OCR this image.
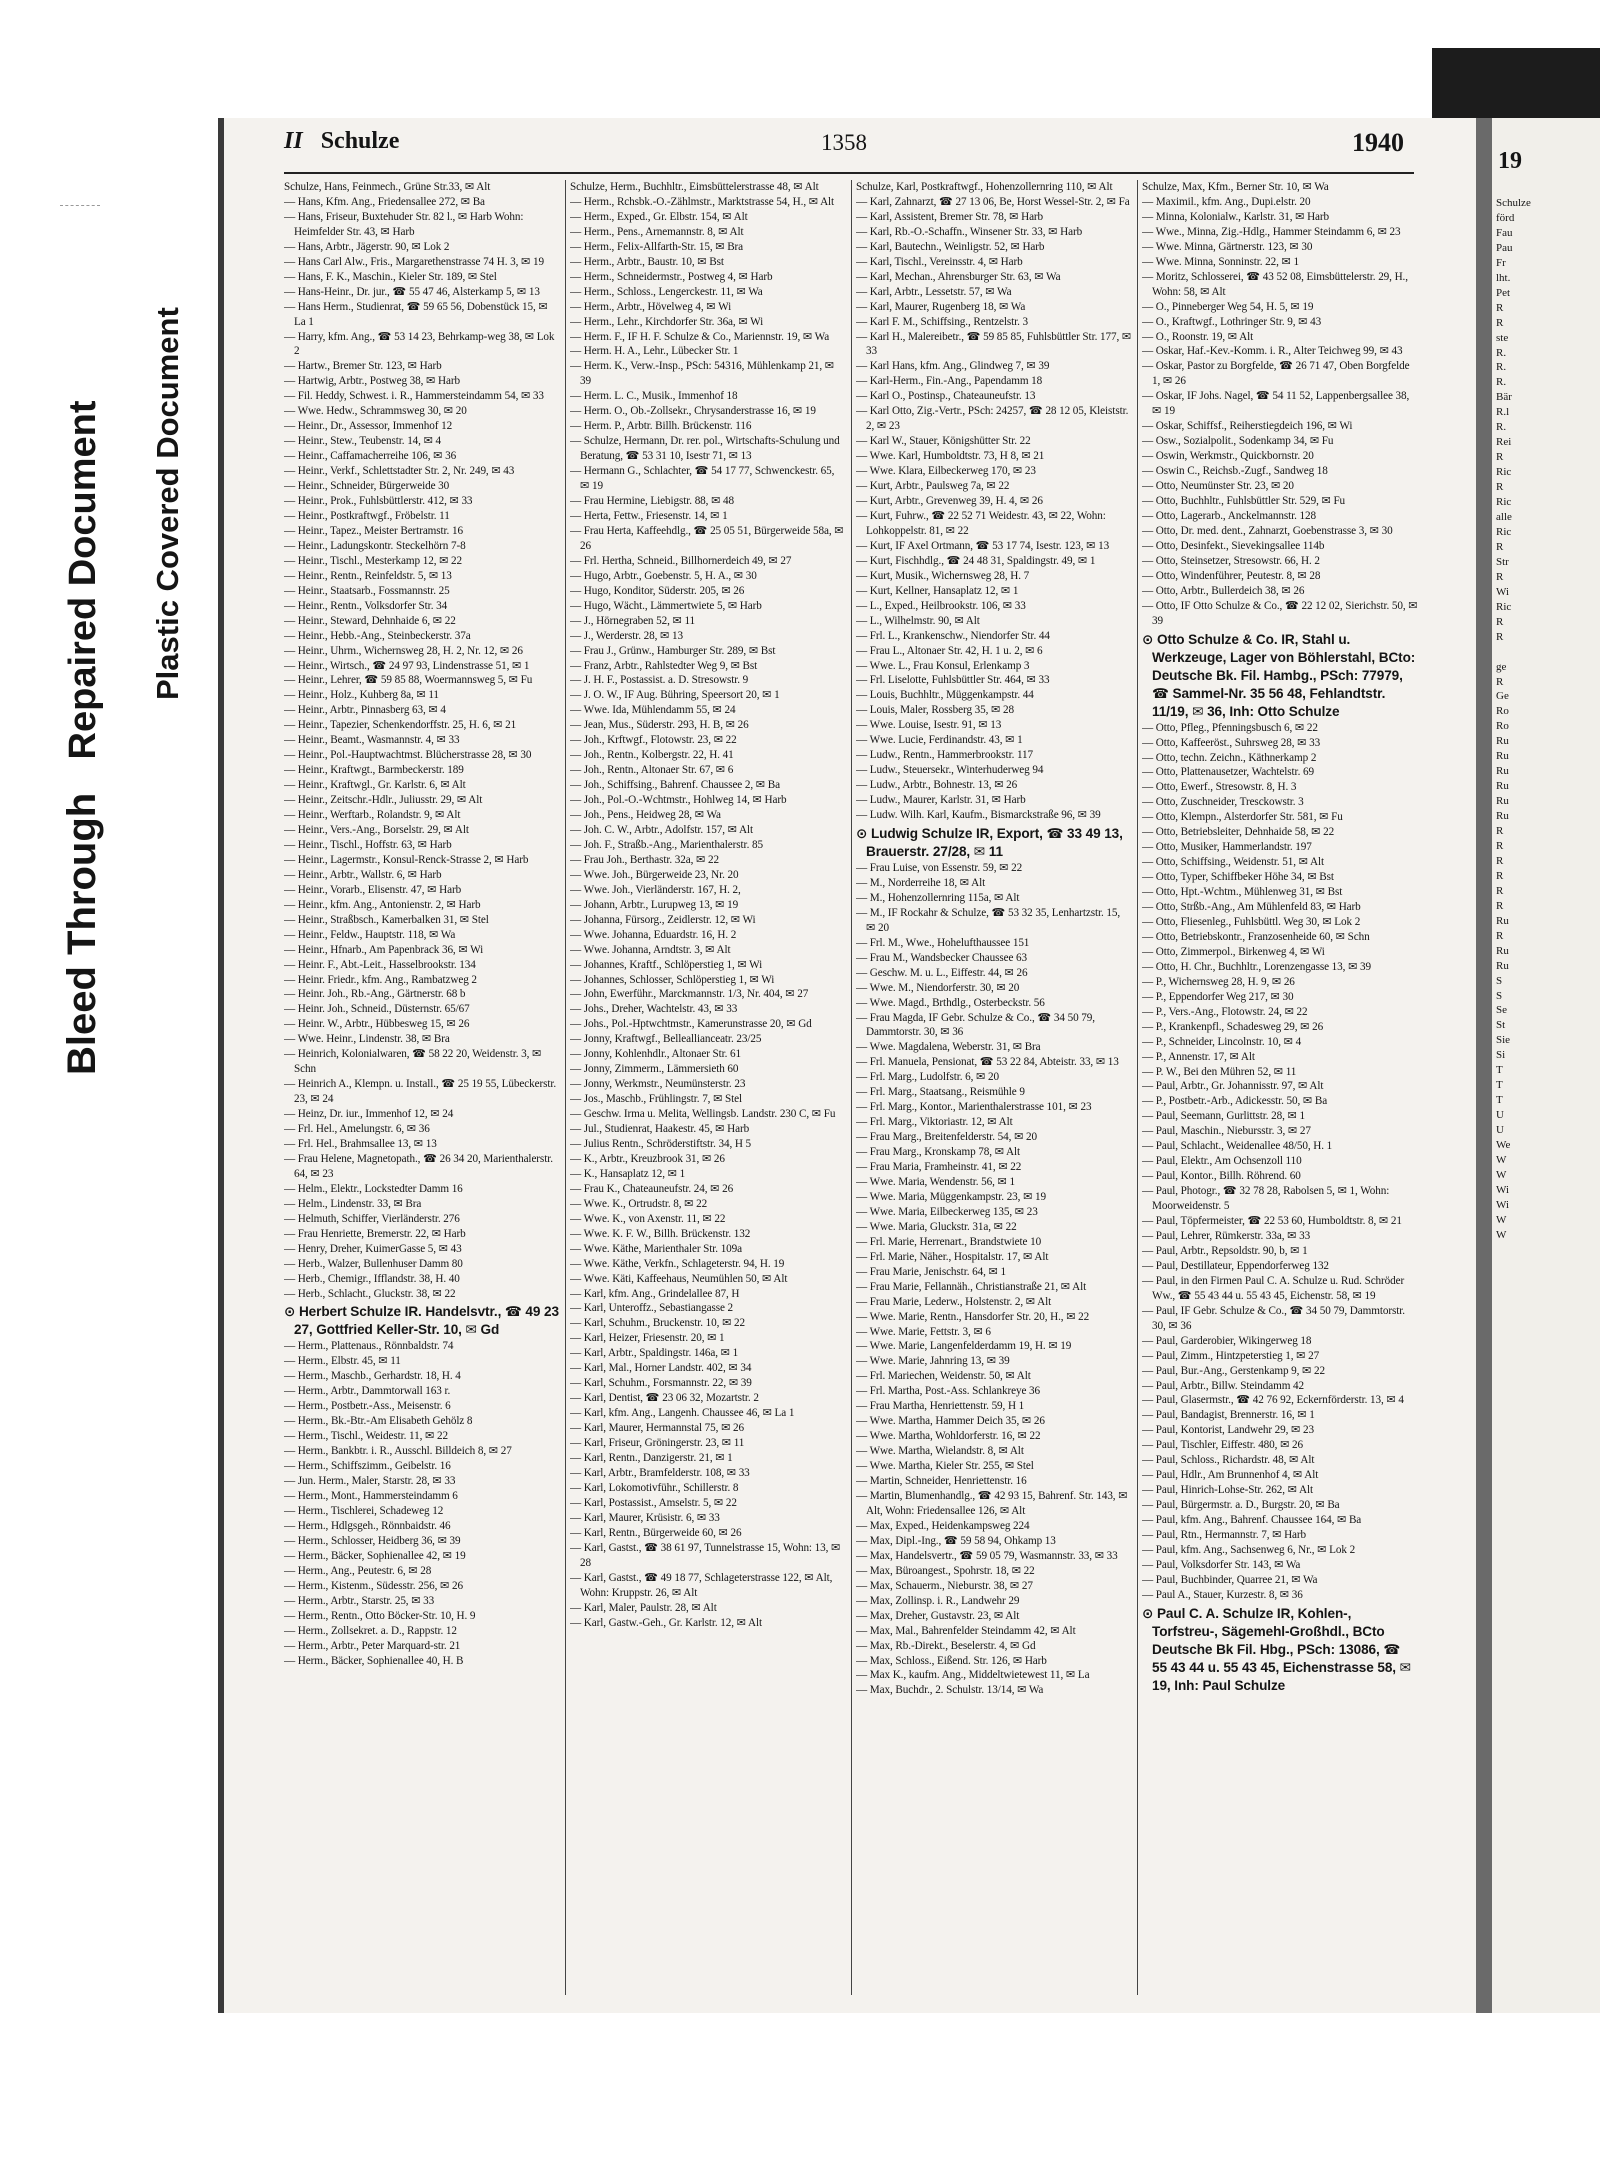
Bleed Through   Repaired Document Plastic Covered Document
II Schulze	1358	1940

Schulze, Hans, Feinmech., Grüne Str.33, ✉ Alt

— Hans, Kfm. Ang., Friedensallee 272, ✉ Ba

— Hans, Friseur, Buxtehuder Str. 82 l., ✉ Harb Wohn: Heimfelder Str. 43, ✉ Harb

— Hans, Arbtr., Jägerstr. 90, ✉ Lok 2

— Hans Carl Alw., Fris., Margarethenstrasse 74 H. 3, ✉ 19

— Hans, F. K., Maschin., Kieler Str. 189, ✉ Stel

— Hans-Heinr., Dr. jur., ☎ 55 47 46, Alsterkamp 5, ✉ 13

— Hans Herm., Studienrat, ☎ 59 65 56, Dobenstück 15, ✉ La 1

— Harry, kfm. Ang., ☎ 53 14 23, Behrkamp-weg 38, ✉ Lok 2

— Hartw., Bremer Str. 123, ✉ Harb

— Hartwig, Arbtr., Postweg 38, ✉ Harb

— Fil. Heddy, Schwest. i. R., Hammersteindamm 54, ✉ 33

— Wwe. Hedw., Schrammsweg 30, ✉ 20

— Heinr., Dr., Assessor, Immenhof 12

— Heinr., Stew., Teubenstr. 14, ✉ 4

— Heinr., Caffamacherreihe 106, ✉ 36

— Heinr., Verkf., Schlettstadter Str. 2, Nr. 249, ✉ 43

— Heinr., Schneider, Bürgerweide 30

— Heinr., Prok., Fuhlsbüttlerstr. 412, ✉ 33

— Heinr., Postkraftwgf., Fröbelstr. 11

— Heinr., Tapez., Meister Bertramstr. 16

— Heinr., Ladungskontr. Steckelhörn 7-8

— Heinr., Tischl., Mesterkamp 12, ✉ 22

— Heinr., Rentn., Reinfeldstr. 5, ✉ 13

— Heinr., Staatsarb., Fossmannstr. 25

— Heinr., Rentn., Volksdorfer Str. 34

— Heinr., Steward, Dehnhaide 6, ✉ 22

— Heinr., Hebb.-Ang., Steinbeckerstr. 37a

— Heinr., Uhrm., Wichernsweg 28, H. 2, Nr. 12, ✉ 26

— Heinr., Wirtsch., ☎ 24 97 93, Lindenstrasse 51, ✉ 1

— Heinr., Lehrer, ☎ 59 85 88, Woermannsweg 5, ✉ Fu

— Heinr., Holz., Kuhberg 8a, ✉ 11

— Heinr., Arbtr., Pinnasberg 63, ✉ 4

— Heinr., Tapezier, Schenkendorffstr. 25, H. 6, ✉ 21

— Heinr., Beamt., Wasmannstr. 4, ✉ 33

— Heinr., Pol.-Hauptwachtmst. Blücherstrasse 28, ✉ 30

— Heinr., Kraftwgt., Barmbeckerstr. 189

— Heinr., Kraftwgl., Gr. Karlstr. 6, ✉ Alt

— Heinr., Zeitschr.-Hdlr., Juliusstr. 29, ✉ Alt

— Heinr., Werftarb., Rolandstr. 9, ✉ Alt

— Heinr., Vers.-Ang., Borselstr. 29, ✉ Alt

— Heinr., Tischl., Hoffstr. 63, ✉ Harb

— Heinr., Lagermstr., Konsul-Renck-Strasse 2, ✉ Harb

— Heinr., Arbtr., Wallstr. 6, ✉ Harb

— Heinr., Vorarb., Elisenstr. 47, ✉ Harb

— Heinr., kfm. Ang., Antonienstr. 2, ✉ Harb

— Heinr., Straßbsch., Kamerbalken 31, ✉ Stel

— Heinr., Feldw., Hauptstr. 118, ✉ Wa

— Heinr., Hfnarb., Am Papenbrack 36, ✉ Wi

— Heinr. F., Abt.-Leit., Hasselbrookstr. 134

— Heinr. Friedr., kfm. Ang., Rambatzweg 2

— Heinr. Joh., Rb.-Ang., Gärtnerstr. 68 b

— Heinr. Joh., Schneid., Düsternstr. 65/67

— Heinr. W., Arbtr., Hübbesweg 15, ✉ 26

— Wwe. Heinr., Lindenstr. 38, ✉ Bra

— Heinrich, Kolonialwaren, ☎ 58 22 20, Weidenstr. 3, ✉ Schn

— Heinrich A., Klempn. u. Install., ☎ 25 19 55, Lübeckerstr. 23, ✉ 24

— Heinz, Dr. iur., Immenhof 12, ✉ 24

— Frl. Hel., Amelungstr. 6, ✉ 36

— Frl. Hel., Brahmsallee 13, ✉ 13

— Frau Helene, Magnetopath., ☎ 26 34 20, Marienthalerstr. 64, ✉ 23

— Helm., Elektr., Lockstedter Damm 16

— Helm., Lindenstr. 33, ✉ Bra

— Helmuth, Schiffer, Vierländerstr. 276

— Frau Henriette, Bremerstr. 22, ✉ Harb

— Henry, Dreher, KuimerGasse 5, ✉ 43

— Herb., Walzer, Bullenhuser Damm 80

— Herb., Chemigr., Ifflandstr. 38, H. 40

— Herb., Schlacht., Gluckstr. 38, ✉ 22

⊙ Herbert Schulze IR. Handelsvtr., ☎ 49 23 27, Gottfried Keller-Str. 10, ✉ Gd

— Herm., Plattenaus., Rönnbaldstr. 74

— Herm., Elbstr. 45, ✉ 11

— Herm., Maschb., Gerhardstr. 18, H. 4

— Herm., Arbtr., Dammtorwall 163 r.

— Herm., Postbetr.-Ass., Meisenstr. 6

— Herm., Bk.-Btr.-Am Elisabeth Gehölz 8

— Herm., Tischl., Weidestr. 11, ✉ 22

— Herm., Bankbtr. i. R., Ausschl. Billdeich 8, ✉ 27

— Herm., Schiffszimm., Geibelstr. 16

— Jun. Herm., Maler, Starstr. 28, ✉ 33

— Herm., Mont., Hammersteindamm 6

— Herm., Tischlerei, Schadeweg 12

— Herm., Hdlgsgeh., Rönnbaidstr. 46

— Herm., Schlosser, Heidberg 36, ✉ 39

— Herm., Bäcker, Sophienallee 42, ✉ 19

— Herm., Ang., Peutestr. 6, ✉ 28

— Herm., Kistenm., Südesstr. 256, ✉ 26

— Herm., Arbtr., Starstr. 25, ✉ 33

— Herm., Rentn., Otto Böcker-Str. 10, H. 9

— Herm., Zollsekret. a. D., Rappstr. 12

— Herm., Arbtr., Peter Marquard-str. 21

— Herm., Bäcker, Sophienallee 40, H. B

Schulze, Herm., Buchhltr., Eimsbüttelerstrasse 48, ✉ Alt

— Herm., Rchsbk.-O.-Zählmstr., Marktstrasse 54, H., ✉ Alt

— Herm., Exped., Gr. Elbstr. 154, ✉ Alt

— Herm., Pens., Arnemannstr. 8, ✉ Alt

— Herm., Felix-Allfarth-Str. 15, ✉ Bra

— Herm., Arbtr., Baustr. 10, ✉ Bst

— Herm., Schneidermstr., Postweg 4, ✉ Harb

— Herm., Schloss., Lengerckestr. 11, ✉ Wa

— Herm., Arbtr., Hövelweg 4, ✉ Wi

— Herm., Lehr., Kirchdorfer Str. 36a, ✉ Wi

— Herm. F., IF H. F. Schulze & Co., Mariennstr. 19, ✉ Wa

— Herm. H. A., Lehr., Lübecker Str. 1

— Herm. K., Verw.-Insp., PSch: 54316, Mühlenkamp 21, ✉ 39

— Herm. L. C., Musik., Immenhof 18

— Herm. O., Ob.-Zollsekr., Chrysanderstrasse 16, ✉ 19

— Herm. P., Arbtr. Billh. Brückenstr. 116

— Schulze, Hermann, Dr. rer. pol., Wirtschafts-Schulung und Beratung, ☎ 53 31 10, Isestr 71, ✉ 13

— Hermann G., Schlachter, ☎ 54 17 77, Schwenckestr. 65, ✉ 19

— Frau Hermine, Liebigstr. 88, ✉ 48

— Herta, Fettw., Friesenstr. 14, ✉ 1

— Frau Herta, Kaffeehdlg., ☎ 25 05 51, Bürgerweide 58a, ✉ 26

— Frl. Hertha, Schneid., Billhornerdeich 49, ✉ 27

— Hugo, Arbtr., Goebenstr. 5, H. A., ✉ 30

— Hugo, Konditor, Süderstr. 205, ✉ 26

— Hugo, Wächt., Lämmertwiete 5, ✉ Harb

— J., Hörnegraben 52, ✉ 11

— J., Werderstr. 28, ✉ 13

— Frau J., Grünw., Hamburger Str. 289, ✉ Bst

— Franz, Arbtr., Rahlstedter Weg 9, ✉ Bst

— J. H. F., Postassist. a. D. Stresowstr. 9

— J. O. W., IF Aug. Bühring, Speersort 20, ✉ 1

— Wwe. Ida, Mühlendamm 55, ✉ 24

— Jean, Mus., Süderstr. 293, H. B, ✉ 26

— Joh., Krftwgf., Flotowstr. 23, ✉ 22

— Joh., Rentn., Kolbergstr. 22, H. 41

— Joh., Rentn., Altonaer Str. 67, ✉ 6

— Joh., Schiffsing., Bahrenf. Chaussee 2, ✉ Ba

— Joh., Pol.-O.-Wchtmstr., Hohlweg 14, ✉ Harb

— Joh., Pens., Heidweg 28, ✉ Wa

— Joh. C. W., Arbtr., Adolfstr. 157, ✉ Alt

— Joh. F., Straßb.-Ang., Marienthalerstr. 85

— Frau Joh., Berthastr. 32a, ✉ 22

— Wwe. Joh., Bürgerweide 23, Nr. 20

— Wwe. Joh., Vierländerstr. 167, H. 2,

— Johann, Arbtr., Lurupweg 13, ✉ 19

— Johanna, Fürsorg., Zeidlerstr. 12, ✉ Wi

— Wwe. Johanna, Eduardstr. 16, H. 2

— Wwe. Johanna, Arndtstr. 3, ✉ Alt

— Johannes, Kraftf., Schlöperstieg 1, ✉ Wi

— Johannes, Schlosser, Schlöperstieg 1, ✉ Wi

— John, Ewerführ., Marckmannstr. 1/3, Nr. 404, ✉ 27

— Johs., Dreher, Wachtelstr. 43, ✉ 33

— Johs., Pol.-Hptwchtmstr., Kamerunstrasse 20, ✉ Gd

— Jonny, Kraftwgf., Belleallianceatr. 23/25

— Jonny, Kohlenhdlr., Altonaer Str. 61

— Jonny, Zimmerm., Lämmersieth 60

— Jonny, Werkmstr., Neumünsterstr. 23

— Jos., Maschb., Frühlingstr. 7, ✉ Stel

— Geschw. Irma u. Melita, Wellingsb. Landstr. 230 C, ✉ Fu

— Jul., Studienrat, Haakestr. 45, ✉ Harb

— Julius Rentn., Schröderstiftstr. 34, H 5

— K., Arbtr., Kreuzbrook 31, ✉ 26

— K., Hansaplatz 12, ✉ 1

— Frau K., Chateauneufstr. 24, ✉ 26

— Wwe. K., Ortrudstr. 8, ✉ 22

— Wwe. K., von Axenstr. 11, ✉ 22

— Wwe. K. F. W., Billh. Brückenstr. 132

— Wwe. Käthe, Marienthaler Str. 109a

— Wwe. Käthe, Verkfn., Schlageterstr. 94, H. 19

— Wwe. Käti, Kaffeehaus, Neumühlen 50, ✉ Alt

— Karl, kfm. Ang., Grindelallee 87, H

— Karl, Unteroffz., Sebastiangasse 2

— Karl, Schuhm., Bruckenstr. 10, ✉ 22

— Karl, Heizer, Friesenstr. 20, ✉ 1

— Karl, Arbtr., Spaldingstr. 146a, ✉ 1

— Karl, Mal., Horner Landstr. 402, ✉ 34

— Karl, Schuhm., Forsmannstr. 22, ✉ 39

— Karl, Dentist, ☎ 23 06 32, Mozartstr. 2

— Karl, kfm. Ang., Langenh. Chaussee 46, ✉ La 1

— Karl, Maurer, Hermannstal 75, ✉ 26

— Karl, Friseur, Gröningerstr. 23, ✉ 11

— Karl, Rentn., Danzigerstr. 21, ✉ 1

— Karl, Arbtr., Bramfelderstr. 108, ✉ 33

— Karl, Lokomotivführ., Schillerstr. 8

— Karl, Postassist., Amselstr. 5, ✉ 22

— Karl, Maurer, Krüsistr. 6, ✉ 33

— Karl, Rentn., Bürgerweide 60, ✉ 26

— Karl, Gastst., ☎ 38 61 97, Tunnelstrasse 15, Wohn: 13, ✉ 28

— Karl, Gastst., ☎ 49 18 77, Schlageterstrasse 122, ✉ Alt, Wohn: Kruppstr. 26, ✉ Alt

— Karl, Maler, Paulstr. 28, ✉ Alt

— Karl, Gastw.-Geh., Gr. Karlstr. 12, ✉ Alt

Schulze, Karl, Postkraftwgf., Hohenzollernring 110, ✉ Alt

— Karl, Zahnarzt, ☎ 27 13 06, Be, Horst Wessel-Str. 2, ✉ Fa

— Karl, Assistent, Bremer Str. 78, ✉ Harb

— Karl, Rb.-O.-Schaffn., Winsener Str. 33, ✉ Harb

— Karl, Bautechn., Weinligstr. 52, ✉ Harb

— Karl, Tischl., Vereinsstr. 4, ✉ Harb

— Karl, Mechan., Ahrensburger Str. 63, ✉ Wa

— Karl, Arbtr., Lessetstr. 57, ✉ Wa

— Karl, Maurer, Rugenberg 18, ✉ Wa

— Karl F. M., Schiffsing., Rentzelstr. 3

— Karl H., Malereibetr., ☎ 59 85 85, Fuhlsbüttler Str. 177, ✉ 33

— Karl Hans, kfm. Ang., Glindweg 7, ✉ 39

— Karl-Herm., Fin.-Ang., Papendamm 18

— Karl O., Postinsp., Chateauneufstr. 13

— Karl Otto, Zig.-Vertr., PSch: 24257, ☎ 28 12 05, Kleiststr. 2, ✉ 23

— Karl W., Stauer, Königshütter Str. 22

— Wwe. Karl, Humboldtstr. 73, H 8, ✉ 21

— Wwe. Klara, Eilbeckerweg 170, ✉ 23

— Kurt, Arbtr., Paulsweg 7a, ✉ 22

— Kurt, Arbtr., Grevenweg 39, H. 4, ✉ 26

— Kurt, Fuhrw., ☎ 22 52 71 Weidestr. 43, ✉ 22, Wohn: Lohkoppelstr. 81, ✉ 22

— Kurt, IF Axel Ortmann, ☎ 53 17 74, Isestr. 123, ✉ 13

— Kurt, Fischhdlg., ☎ 24 48 31, Spaldingstr. 49, ✉ 1

— Kurt, Musik., Wichernsweg 28, H. 7

— Kurt, Kellner, Hansaplatz 12, ✉ 1

— L., Exped., Heilbrookstr. 106, ✉ 33

— L., Wilhelmstr. 90, ✉ Alt

— Frl. L., Krankenschw., Niendorfer Str. 44

— Frau L., Altonaer Str. 42, H. 1 u. 2, ✉ 6

— Wwe. L., Frau Konsul, Erlenkamp 3

— Frl. Liselotte, Fuhlsbüttler Str. 464, ✉ 33

— Louis, Buchhltr., Müggenkampstr. 44

— Louis, Maler, Rossberg 35, ✉ 28

— Wwe. Louise, Isestr. 91, ✉ 13

— Wwe. Lucie, Ferdinandstr. 43, ✉ 1

— Ludw., Rentn., Hammerbrookstr. 117

— Ludw., Steuersekr., Winterhuderweg 94

— Ludw., Arbtr., Bohnestr. 13, ✉ 26

— Ludw., Maurer, Karlstr. 31, ✉ Harb

— Ludw. Wilh. Karl, Kaufm., Bismarckstraße 96, ✉ 39

⊙ Ludwig Schulze IR, Export, ☎ 33 49 13, Brauerstr. 27/28, ✉ 11

— Frau Luise, von Essenstr. 59, ✉ 22

— M., Norderreihe 18, ✉ Alt

— M., Hohenzollernring 115a, ✉ Alt

— M., IF Rockahr & Schulze, ☎ 53 32 35, Lenhartzstr. 15, ✉ 20

— Frl. M., Wwe., Hohelufthaussee 151

— Frau M., Wandsbecker Chaussee 63

— Geschw. M. u. L., Eiffestr. 44, ✉ 26

— Wwe. M., Niendorferstr. 30, ✉ 20

— Wwe. Magd., Brthdlg., Osterbeckstr. 56

— Frau Magda, IF Gebr. Schulze & Co., ☎ 34 50 79, Dammtorstr. 30, ✉ 36

— Wwe. Magdalena, Weberstr. 31, ✉ Bra

— Frl. Manuela, Pensionat, ☎ 53 22 84, Abteistr. 33, ✉ 13

— Frl. Marg., Ludolfstr. 6, ✉ 20

— Frl. Marg., Staatsang., Reismühle 9

— Frl. Marg., Kontor., Marienthalerstrasse 101, ✉ 23

— Frl. Marg., Viktoriastr. 12, ✉ Alt

— Frau Marg., Breitenfelderstr. 54, ✉ 20

— Frau Marg., Kronskamp 78, ✉ Alt

— Frau Maria, Framheinstr. 41, ✉ 22

— Wwe. Maria, Wendenstr. 56, ✉ 1

— Wwe. Maria, Müggenkampstr. 23, ✉ 19

— Wwe. Maria, Eilbeckerweg 135, ✉ 23

— Wwe. Maria, Gluckstr. 31a, ✉ 22

— Frl. Marie, Herrenart., Brandstwiete 10

— Frl. Marie, Näher., Hospitalstr. 17, ✉ Alt

— Frau Marie, Jenischstr. 64, ✉ 1

— Frau Marie, Fellannäh., Christianstraße 21, ✉ Alt

— Frau Marie, Lederw., Holstenstr. 2, ✉ Alt

— Wwe. Marie, Rentn., Hansdorfer Str. 20, H., ✉ 22

— Wwe. Marie, Fettstr. 3, ✉ 6

— Wwe. Marie, Langenfelderdamm 19, H. ✉ 19

— Wwe. Marie, Jahnring 13, ✉ 39

— Frl. Mariechen, Weidenstr. 50, ✉ Alt

— Frl. Martha, Post.-Ass. Schlankreye 36

— Frau Martha, Henriettenstr. 59, H 1

— Wwe. Martha, Hammer Deich 35, ✉ 26

— Wwe. Martha, Wohldorferstr. 16, ✉ 22

— Wwe. Martha, Wielandstr. 8, ✉ Alt

— Wwe. Martha, Kieler Str. 255, ✉ Stel

— Martin, Schneider, Henriettenstr. 16

— Martin, Blumenhandlg., ☎ 42 93 15, Bahrenf. Str. 143, ✉ Alt, Wohn: Friedensallee 126, ✉ Alt

— Max, Exped., Heidenkampsweg 224

— Max, Dipl.-Ing., ☎ 59 58 94, Ohkamp 13

— Max, Handelsvertr., ☎ 59 05 79, Wasmannstr. 33, ✉ 33

— Max, Büroangest., Spohrstr. 18, ✉ 22

— Max, Schauerm., Nieburstr. 38, ✉ 27

— Max, Zollinsp. i. R., Landwehr 29

— Max, Dreher, Gustavstr. 23, ✉ Alt

— Max, Mal., Bahrenfelder Steindamm 42, ✉ Alt

— Max, Rb.-Direkt., Beselerstr. 4, ✉ Gd

— Max, Schloss., Eißend. Str. 126, ✉ Harb

— Max K., kaufm. Ang., Middeltwietewest 11, ✉ La

— Max, Buchdr., 2. Schulstr. 13/14, ✉ Wa

Schulze, Max, Kfm., Berner Str. 10, ✉ Wa

— Maximil., kfm. Ang., Dupi.elstr. 20

— Minna, Kolonialw., Karlstr. 31, ✉ Harb

— Wwe., Minna, Zig.-Hdlg., Hammer Steindamm 6, ✉ 23

— Wwe. Minna, Gärtnerstr. 123, ✉ 30

— Wwe. Minna, Sonninstr. 22, ✉ 1

— Moritz, Schlosserei, ☎ 43 52 08, Eimsbüttelerstr. 29, H., Wohn: 58, ✉ Alt

— O., Pinneberger Weg 54, H. 5, ✉ 19

— O., Kraftwgf., Lothringer Str. 9, ✉ 43

— O., Roonstr. 19, ✉ Alt

— Oskar, Haf.-Kev.-Komm. i. R., Alter Teichweg 99, ✉ 43

— Oskar, Pastor zu Borgfelde, ☎ 26 71 47, Oben Borgfelde 1, ✉ 26

— Oskar, IF Johs. Nagel, ☎ 54 11 52, Lappenbergsallee 38, ✉ 19

— Oskar, Schiffsf., Reiherstiegdeich 196, ✉ Wi

— Osw., Sozialpolit., Sodenkamp 34, ✉ Fu

— Oswin, Werkmstr., Quickbornstr. 20

— Oswin C., Reichsb.-Zugf., Sandweg 18

— Otto, Neumünster Str. 23, ✉ 20

— Otto, Buchhltr., Fuhlsbüttler Str. 529, ✉ Fu

— Otto, Lagerarb., Anckelmannstr. 128

— Otto, Dr. med. dent., Zahnarzt, Goebenstrasse 3, ✉ 30

— Otto, Desinfekt., Sievekingsallee 114b

— Otto, Steinsetzer, Stresowstr. 66, H. 2

— Otto, Windenführer, Peutestr. 8, ✉ 28

— Otto, Arbtr., Bullerdeich 38, ✉ 26

— Otto, IF Otto Schulze & Co., ☎ 22 12 02, Sierichstr. 50, ✉ 39

⊙ Otto Schulze & Co. IR, Stahl u. Werkzeuge, Lager von Böhlerstahl, BCto: Deutsche Bk. Fil. Hambg., PSch: 77979, ☎ Sammel-Nr. 35 56 48, Fehlandtstr. 11/19, ✉ 36, Inh: Otto Schulze

— Otto, Pfleg., Pfenningsbusch 6, ✉ 22

— Otto, Kaffeeröst., Suhrsweg 28, ✉ 33

— Otto, techn. Zeichn., Käthnerkamp 2

— Otto, Plattenausetzer, Wachtelstr. 69

— Otto, Ewerf., Stresowstr. 8, H. 3

— Otto, Zuschneider, Tresckowstr. 3

— Otto, Klempn., Alsterdorfer Str. 581, ✉ Fu

— Otto, Betriebsleiter, Dehnhaide 58, ✉ 22

— Otto, Musiker, Hammerlandstr. 197

— Otto, Schiffsing., Weidenstr. 51, ✉ Alt

— Otto, Typer, Schiffbeker Höhe 34, ✉ Bst

— Otto, Hpt.-Wchtm., Mühlenweg 31, ✉ Bst

— Otto, Strßb.-Ang., Am Mühlenfeld 83, ✉ Harb

— Otto, Fliesenleg., Fuhlsbüttl. Weg 30, ✉ Lok 2

— Otto, Betriebskontr., Franzosenheide 60, ✉ Schn

— Otto, Zimmerpol., Birkenweg 4, ✉ Wi

— Otto, H. Chr., Buchhltr., Lorenzengasse 13, ✉ 39

— P., Wichernsweg 28, H. 9, ✉ 26

— P., Eppendorfer Weg 217, ✉ 30

— P., Vers.-Ang., Flotowstr. 24, ✉ 22

— P., Krankenpfl., Schadesweg 29, ✉ 26

— P., Schneider, Lincolnstr. 10, ✉ 4

— P., Annenstr. 17, ✉ Alt

— P. W., Bei den Mühren 52, ✉ 11

— Paul, Arbtr., Gr. Johannisstr. 97, ✉ Alt

— P., Postbetr.-Arb., Adickesstr. 50, ✉ Ba

— Paul, Seemann, Gurlittstr. 28, ✉ 1

— Paul, Maschin., Niebursstr. 3, ✉ 27

— Paul, Schlacht., Weidenallee 48/50, H. 1

— Paul, Elektr., Am Ochsenzoll 110

— Paul, Kontor., Billh. Röhrend. 60

— Paul, Photogr., ☎ 32 78 28, Rabolsen 5, ✉ 1, Wohn: Moorweidenstr. 5

— Paul, Töpfermeister, ☎ 22 53 60, Humboldtstr. 8, ✉ 21

— Paul, Lehrer, Rümkerstr. 33a, ✉ 33

— Paul, Arbtr., Repsoldstr. 90, b, ✉ 1

— Paul, Destillateur, Eppendorferweg 132

— Paul, in den Firmen Paul C. A. Schulze u. Rud. Schröder Ww., ☎ 55 43 44 u. 55 43 45, Eichenstr. 58, ✉ 19

— Paul, IF Gebr. Schulze & Co., ☎ 34 50 79, Dammtorstr. 30, ✉ 36

— Paul, Garderobier, Wikingerweg 18

— Paul, Zimm., Hintzpeterstieg 1, ✉ 27

— Paul, Bur.-Ang., Gerstenkamp 9, ✉ 22

— Paul, Arbtr., Billw. Steindamm 42

— Paul, Glasermstr., ☎ 42 76 92, Eckernförderstr. 13, ✉ 4

— Paul, Bandagist, Brennerstr. 16, ✉ 1

— Paul, Kontorist, Landwehr 29, ✉ 23

— Paul, Tischler, Eiffestr. 480, ✉ 26

— Paul, Schloss., Richardstr. 48, ✉ Alt

— Paul, Hdlr., Am Brunnenhof 4, ✉ Alt

— Paul, Hinrich-Lohse-Str. 262, ✉ Alt

— Paul, Bürgermstr. a. D., Burgstr. 20, ✉ Ba

— Paul, kfm. Ang., Bahrenf. Chaussee 164, ✉ Ba

— Paul, Rtn., Hermannstr. 7, ✉ Harb

— Paul, kfm. Ang., Sachsenweg 6, Nr., ✉ Lok 2

— Paul, Volksdorfer Str. 143, ✉ Wa

— Paul, Buchbinder, Quarree 21, ✉ Wa

— Paul A., Stauer, Kurzestr. 8, ✉ 36

⊙ Paul C. A. Schulze IR, Kohlen-, Torfstreu-, Sägemehl-Großhdl., BCto Deutsche Bk Fil. Hbg., PSch: 13086, ☎ 55 43 44 u. 55 43 45, Eichenstrasse 58, ✉ 19, Inh: Paul Schulze

19
Schulze
förd
Fau
Pau
Fr
lht.
Pet
R
R
ste
R.
R.
R.
Bär
R.l
R.
Rei
R
Ric
R
Ric
alle
Ric
R
Str
R
Wi
Ric
R
R

ge
R
Ge
Ro
Ro
Ru
Ru
Ru
Ru
Ru
Ru
R
R
R
R
R
R
Ru
R
Ru
Ru
S
S
Se
St
Sie
Si
T
T
T
U
U
We
W
W
Wi
Wi
W
W
